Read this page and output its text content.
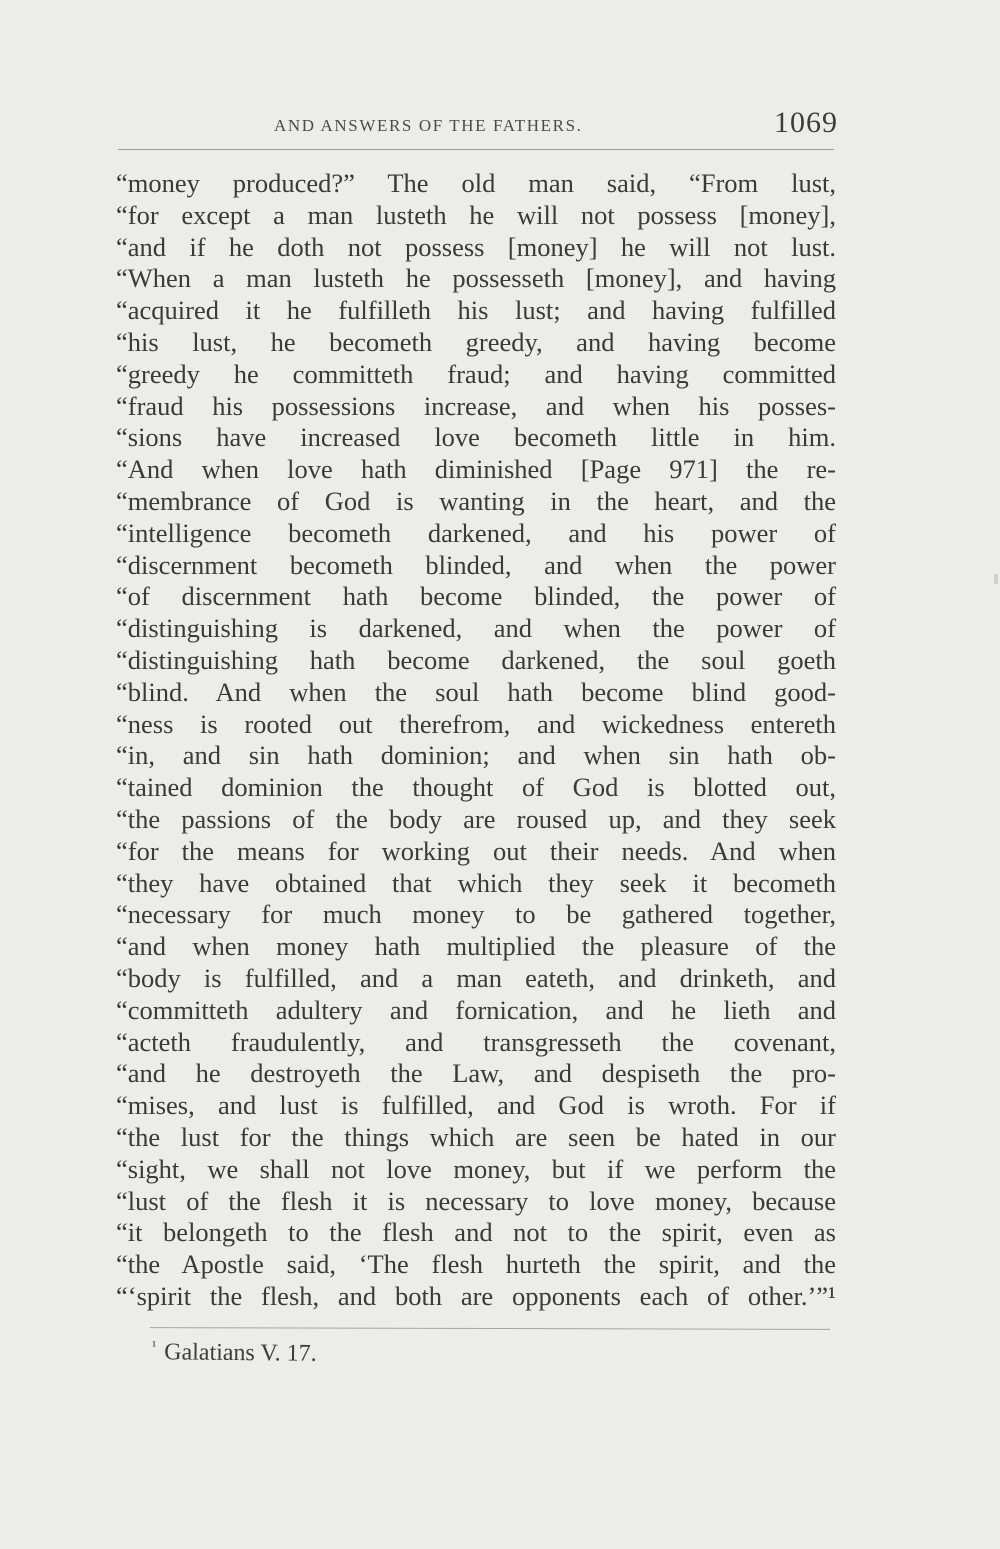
AND ANSWERS OF THE FATHERS.	1069
“money produced?” The old man said, “From lust,
“for except a man lusteth he will not possess [money],
“and if he doth not possess [money] he will not lust.
“When a man lusteth he possesseth [money], and having
“acquired it he fulfilleth his lust; and having fulfilled
“his lust, he becometh greedy, and having become
“greedy he committeth fraud; and having committed
“fraud his possessions increase, and when his posses-
“sions have increased love becometh little in him.
“And when love hath diminished [Page 971] the re-
“membrance of God is wanting in the heart, and the
“intelligence becometh darkened, and his power of
“discernment becometh blinded, and when the power
“of discernment hath become blinded, the power of
“distinguishing is darkened, and when the power of
“distinguishing hath become darkened, the soul goeth
“blind. And when the soul hath become blind good-
“ness is rooted out therefrom, and wickedness entereth
“in, and sin hath dominion; and when sin hath ob-
“tained dominion the thought of God is blotted out,
“the passions of the body are roused up, and they seek
“for the means for working out their needs. And when
“they have obtained that which they seek it becometh
“necessary for much money to be gathered together,
“and when money hath multiplied the pleasure of the
“body is fulfilled, and a man eateth, and drinketh, and
“committeth adultery and fornication, and he lieth and
“acteth fraudulently, and transgresseth the covenant,
“and he destroyeth the Law, and despiseth the pro-
“mises, and lust is fulfilled, and God is wroth. For if
“the lust for the things which are seen be hated in our
“sight, we shall not love money, but if we perform the
“lust of the flesh it is necessary to love money, because
“it belongeth to the flesh and not to the spirit, even as
“the Apostle said, ‘The flesh hurteth the spirit, and the
“‘spirit the flesh, and both are opponents each of other.’”¹
$^{^1}$ Galatians V. 17.
